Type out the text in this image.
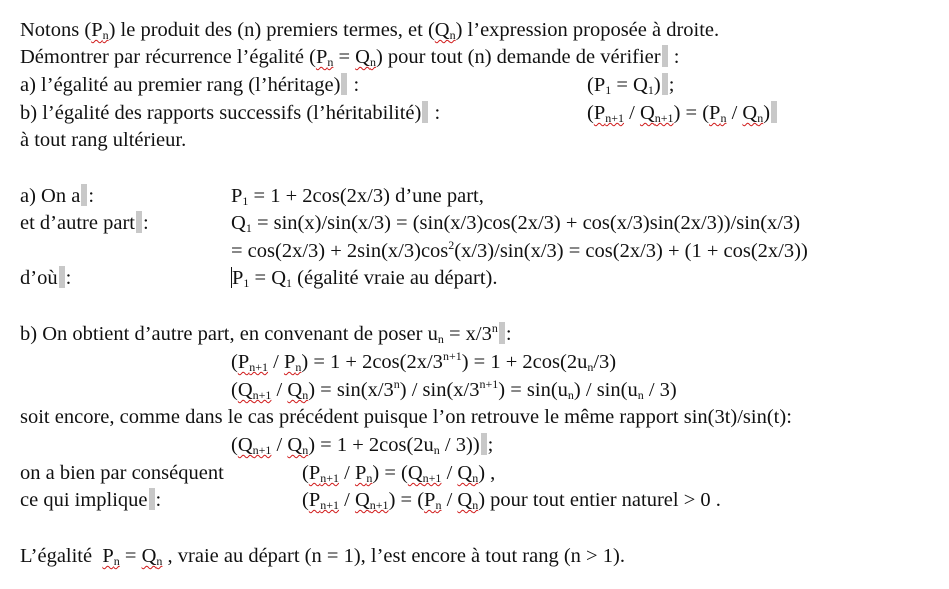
Notons $(P_n)$ le produit des (n) premiers termes, et $(Q_n)$ l’expression proposée à droite.
Démontrer par récurrence l’égalité $(P_n = Q_n)$ pour tout (n) demande de vérifier :
a) l’égalité au premier rang (l’héritage) :	$(P_1 = Q_1)$ ;
b) l’égalité des rapports successifs (l’héritabilité) :	$(P_{n+1} / Q_{n+1}) = (P_n / Q_n)$
à tout rang ultérieur.
a) On a :	$P_1 = 1 + 2\cos(2x/3)$ d’une part,
et d’autre part :	$Q_1 = \sin(x)/\sin(x/3) = (\sin(x/3)\cos(2x/3) + \cos(x/3)\sin(2x/3))/\sin(x/3)$
= $\cos(2x/3) + 2\sin(x/3)\cos^2(x/3)/\sin(x/3) = \cos(2x/3) + (1 + \cos(2x/3))$
d’où :	$P_1 = Q_1$ (égalité vraie au départ).
b) On obtient d’autre part, en convenant de poser $u_n = x/3^n$ :
$(P_{n+1} / P_n) = 1 + 2\cos(2x/3^{n+1}) = 1 + 2\cos(2u_n/3)$
$(Q_{n+1} / Q_n) = \sin(x/3^n) / \sin(x/3^{n+1}) = \sin(u_n) / \sin(u_n / 3)$
soit encore, comme dans le cas précédent puisque l’on retrouve le même rapport sin(3t)/sin(t):
$(Q_{n+1} / Q_n) = 1 + 2\cos(2u_n / 3)$) ;
on a bien par conséquent	$(P_{n+1} / P_n) = (Q_{n+1} / Q_n)$ ,
ce qui implique :	$(P_{n+1} / Q_{n+1}) = (P_n / Q_n)$ pour tout entier naturel > 0 .
L’égalité  $P_n = Q_n$ , vraie au départ (n = 1), l’est encore à tout rang (n > 1).
